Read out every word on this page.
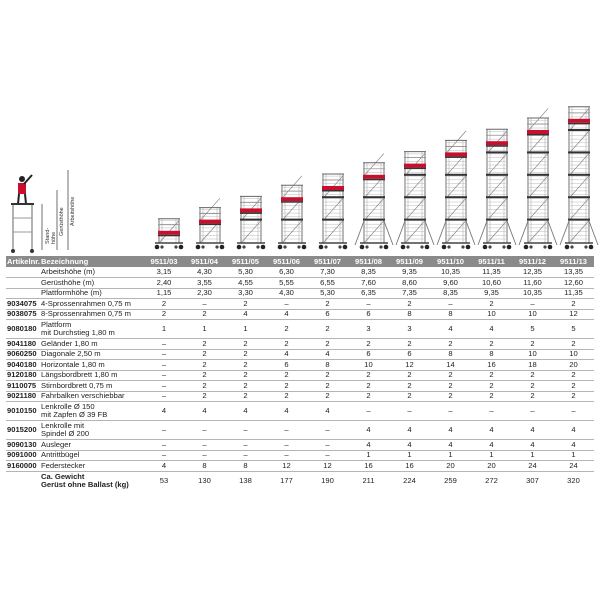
Stand-höhe
Gerüsthöhe Arbeitshöhe
Artikelnr.	Bezeichnung	9511/03	9511/04	9511/05	9511/06	9511/07	9511/08	9511/09	9511/10	9511/11	9511/12	9511/13
	Arbeitshöhe (m)	3,15	4,30	5,30	6,30	7,30	8,35	9,35	10,35	11,35	12,35	13,35
	Gerüsthöhe (m)	2,40	3,55	4,55	5,55	6,55	7,60	8,60	9,60	10,60	11,60	12,60
	Plattformhöhe (m)	1,15	2,30	3,30	4,30	5,30	6,35	7,35	8,35	9,35	10,35	11,35
9034075	4-Sprossenrahmen 0,75 m	2	–	2	–	2	–	2	–	2	–	2
9038075	8-Sprossenrahmen 0,75 m	2	2	4	4	6	6	8	8	10	10	12
9080180	Plattform
mit Durchstieg 1,80 m	1	1	1	2	2	3	3	4	4	5	5
9041180	Geländer 1,80 m	–	2	2	2	2	2	2	2	2	2	2
9060250	Diagonale 2,50 m	–	2	2	4	4	6	6	8	8	10	10
9040180	Horizontale 1,80 m	–	2	2	6	8	10	12	14	16	18	20
9120180	Längsbordbrett 1,80 m	–	2	2	2	2	2	2	2	2	2	2
9110075	Stirnbordbrett 0,75 m	–	2	2	2	2	2	2	2	2	2	2
9021180	Fahrbalken verschiebbar	–	2	2	2	2	2	2	2	2	2	2
9010150	Lenkrolle Ø 150
mit Zapfen Ø 39 FB	4	4	4	4	4	–	–	–	–	–	–
9015200	Lenkrolle mit
Spindel Ø 200	–	–	–	–	–	4	4	4	4	4	4
9090130	Ausleger	–	–	–	–	–	4	4	4	4	4	4
9091000	Antrittbügel	–	–	–	–	–	1	1	1	1	1	1
9160000	Federstecker	4	8	8	12	12	16	16	20	20	24	24
	Ca. Gewicht
Gerüst ohne Ballast (kg)	53	130	138	177	190	211	224	259	272	307	320
